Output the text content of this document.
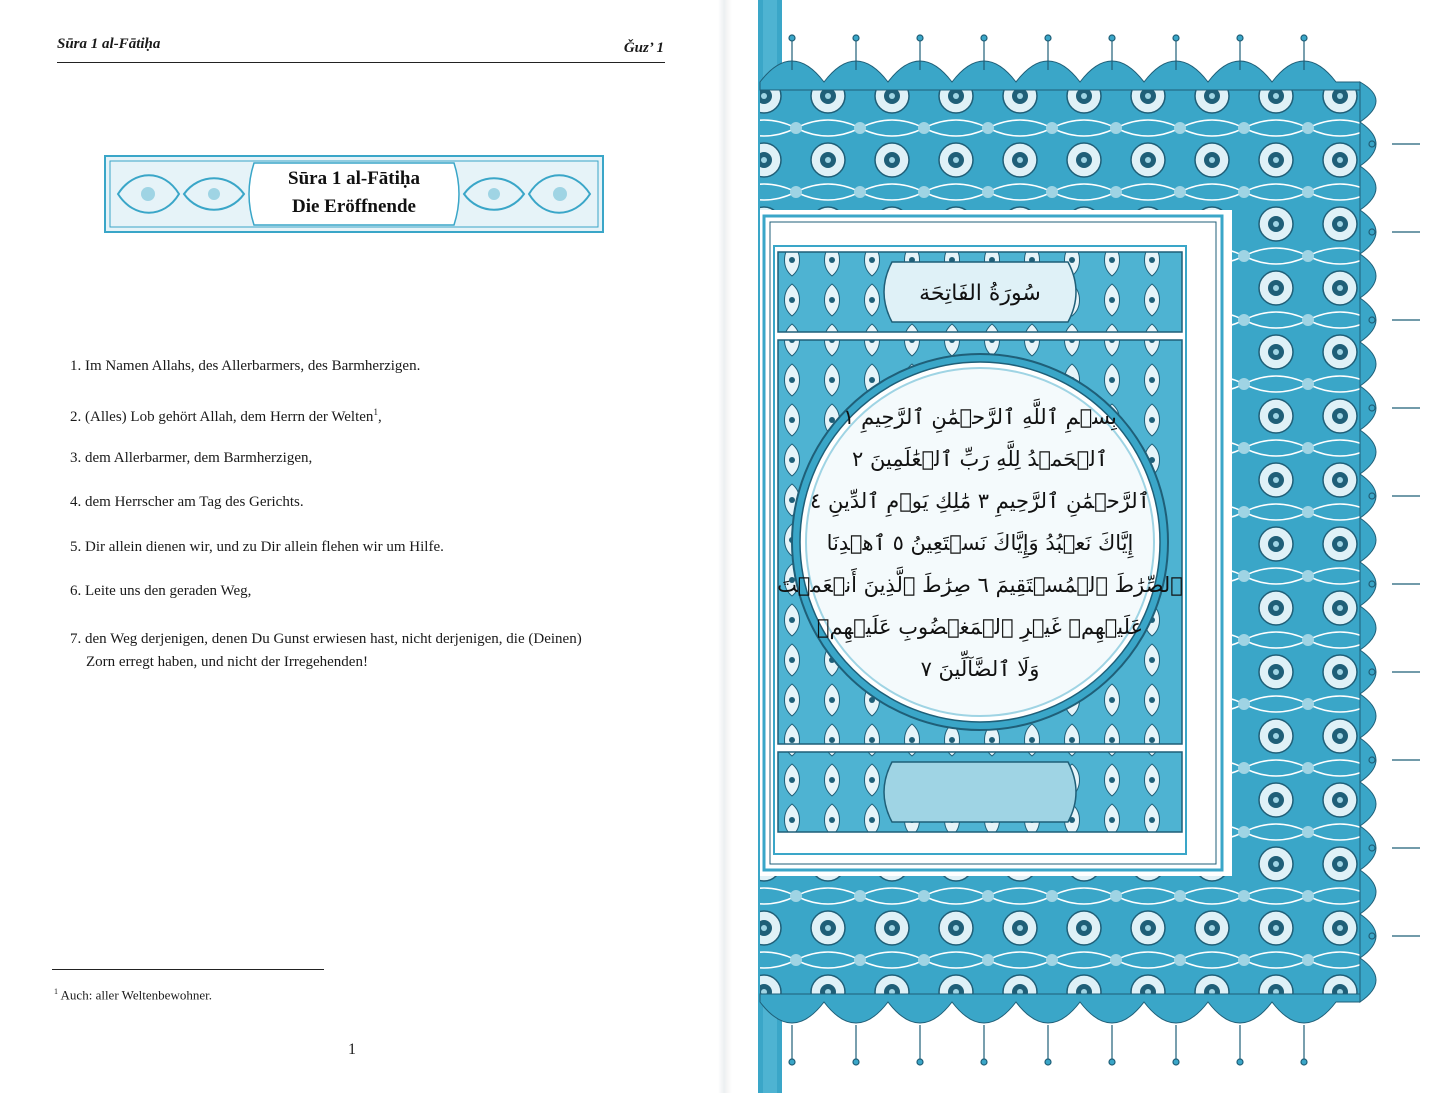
Sūra 1 al-Fātiḥa	Ǧuz’ 1
Sūra 1 al-Fātiḥa
Die Eröffnende
1. Im Namen Allahs, des Allerbarmers, des Barmherzigen.
2. (Alles) Lob gehört Allah, dem Herrn der Welten$^1$,
3. dem Allerbarmer, dem Barmherzigen,
4. dem Herrscher am Tag des Gerichts.
5. Dir allein dienen wir, und zu Dir allein flehen wir um Hilfe.
6. Leite uns den geraden Weg,
7. den Weg derjenigen, denen Du Gunst erwiesen hast, nicht derjenigen, die (Deinen)
Zorn erregt haben, und nicht der Irregehenden!
$^1$ Auch: aller Weltenbewohner.
1
سُورَةُ الفَاتِحَة
بِسۡمِ ٱللَّهِ ٱلرَّحۡمَٰنِ ٱلرَّحِيمِ ١
ٱلۡحَمۡدُ لِلَّهِ رَبِّ ٱلۡعَٰلَمِينَ ٢
ٱلرَّحۡمَٰنِ ٱلرَّحِيمِ ٣ مَٰلِكِ يَوۡمِ ٱلدِّينِ ٤
إِيَّاكَ نَعۡبُدُ وَإِيَّاكَ نَسۡتَعِينُ ٥ ٱهۡدِنَا
ٱلصِّرَٰطَ ٱلۡمُسۡتَقِيمَ ٦ صِرَٰطَ ٱلَّذِينَ أَنۡعَمۡتَ
عَلَيۡهِمۡ غَيۡرِ ٱلۡمَغۡضُوبِ عَلَيۡهِمۡ
وَلَا ٱلضَّآلِّينَ ٧
